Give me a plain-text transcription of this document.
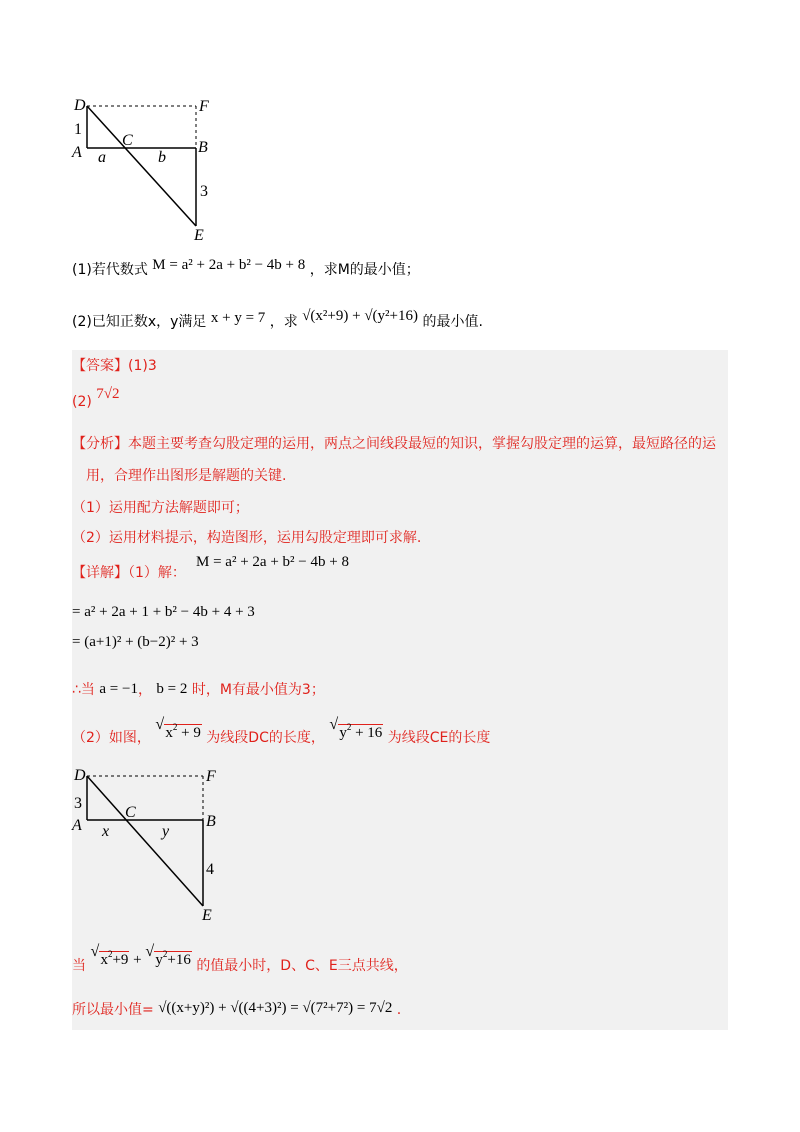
D	F
C
A	B
E
a	b
1
3
(1)若代数式 M = a² + 2a + b² − 4b + 8 ，求M的最小值；
(2)已知正数x，y满足 x + y = 7 ，求 √(x²+9) + √(y²+16) 的最小值.
【答案】(1)3
(2) 7√2
【分析】本题主要考查勾股定理的运用，两点之间线段最短的知识，掌握勾股定理的运算，最短路径的运
用，合理作出图形是解题的关键.
（1）运用配方法解题即可；
（2）运用材料提示，构造图形，运用勾股定理即可求解.
【详解】（1）解：
M = a² + 2a + b² − 4b + 8
= a² + 2a + 1 + b² − 4b + 4 + 3
= (a+1)² + (b−2)² + 3
∴当 a = −1， b = 2 时，M有最小值为3；
（2）如图， √ $x^2 + 9$ 为线段DC的长度， √ $y^2 + 16$ 为线段CE的长度
D	F
C
A	B
E
x	y
3
4
当 √ $x^2+9$ + √ $y^2+16$ 的值最小时，D、C、E三点共线，
所以最小值= √((x+y)²) + √((4+3)²) = √(7²+7²) = 7√2 .
